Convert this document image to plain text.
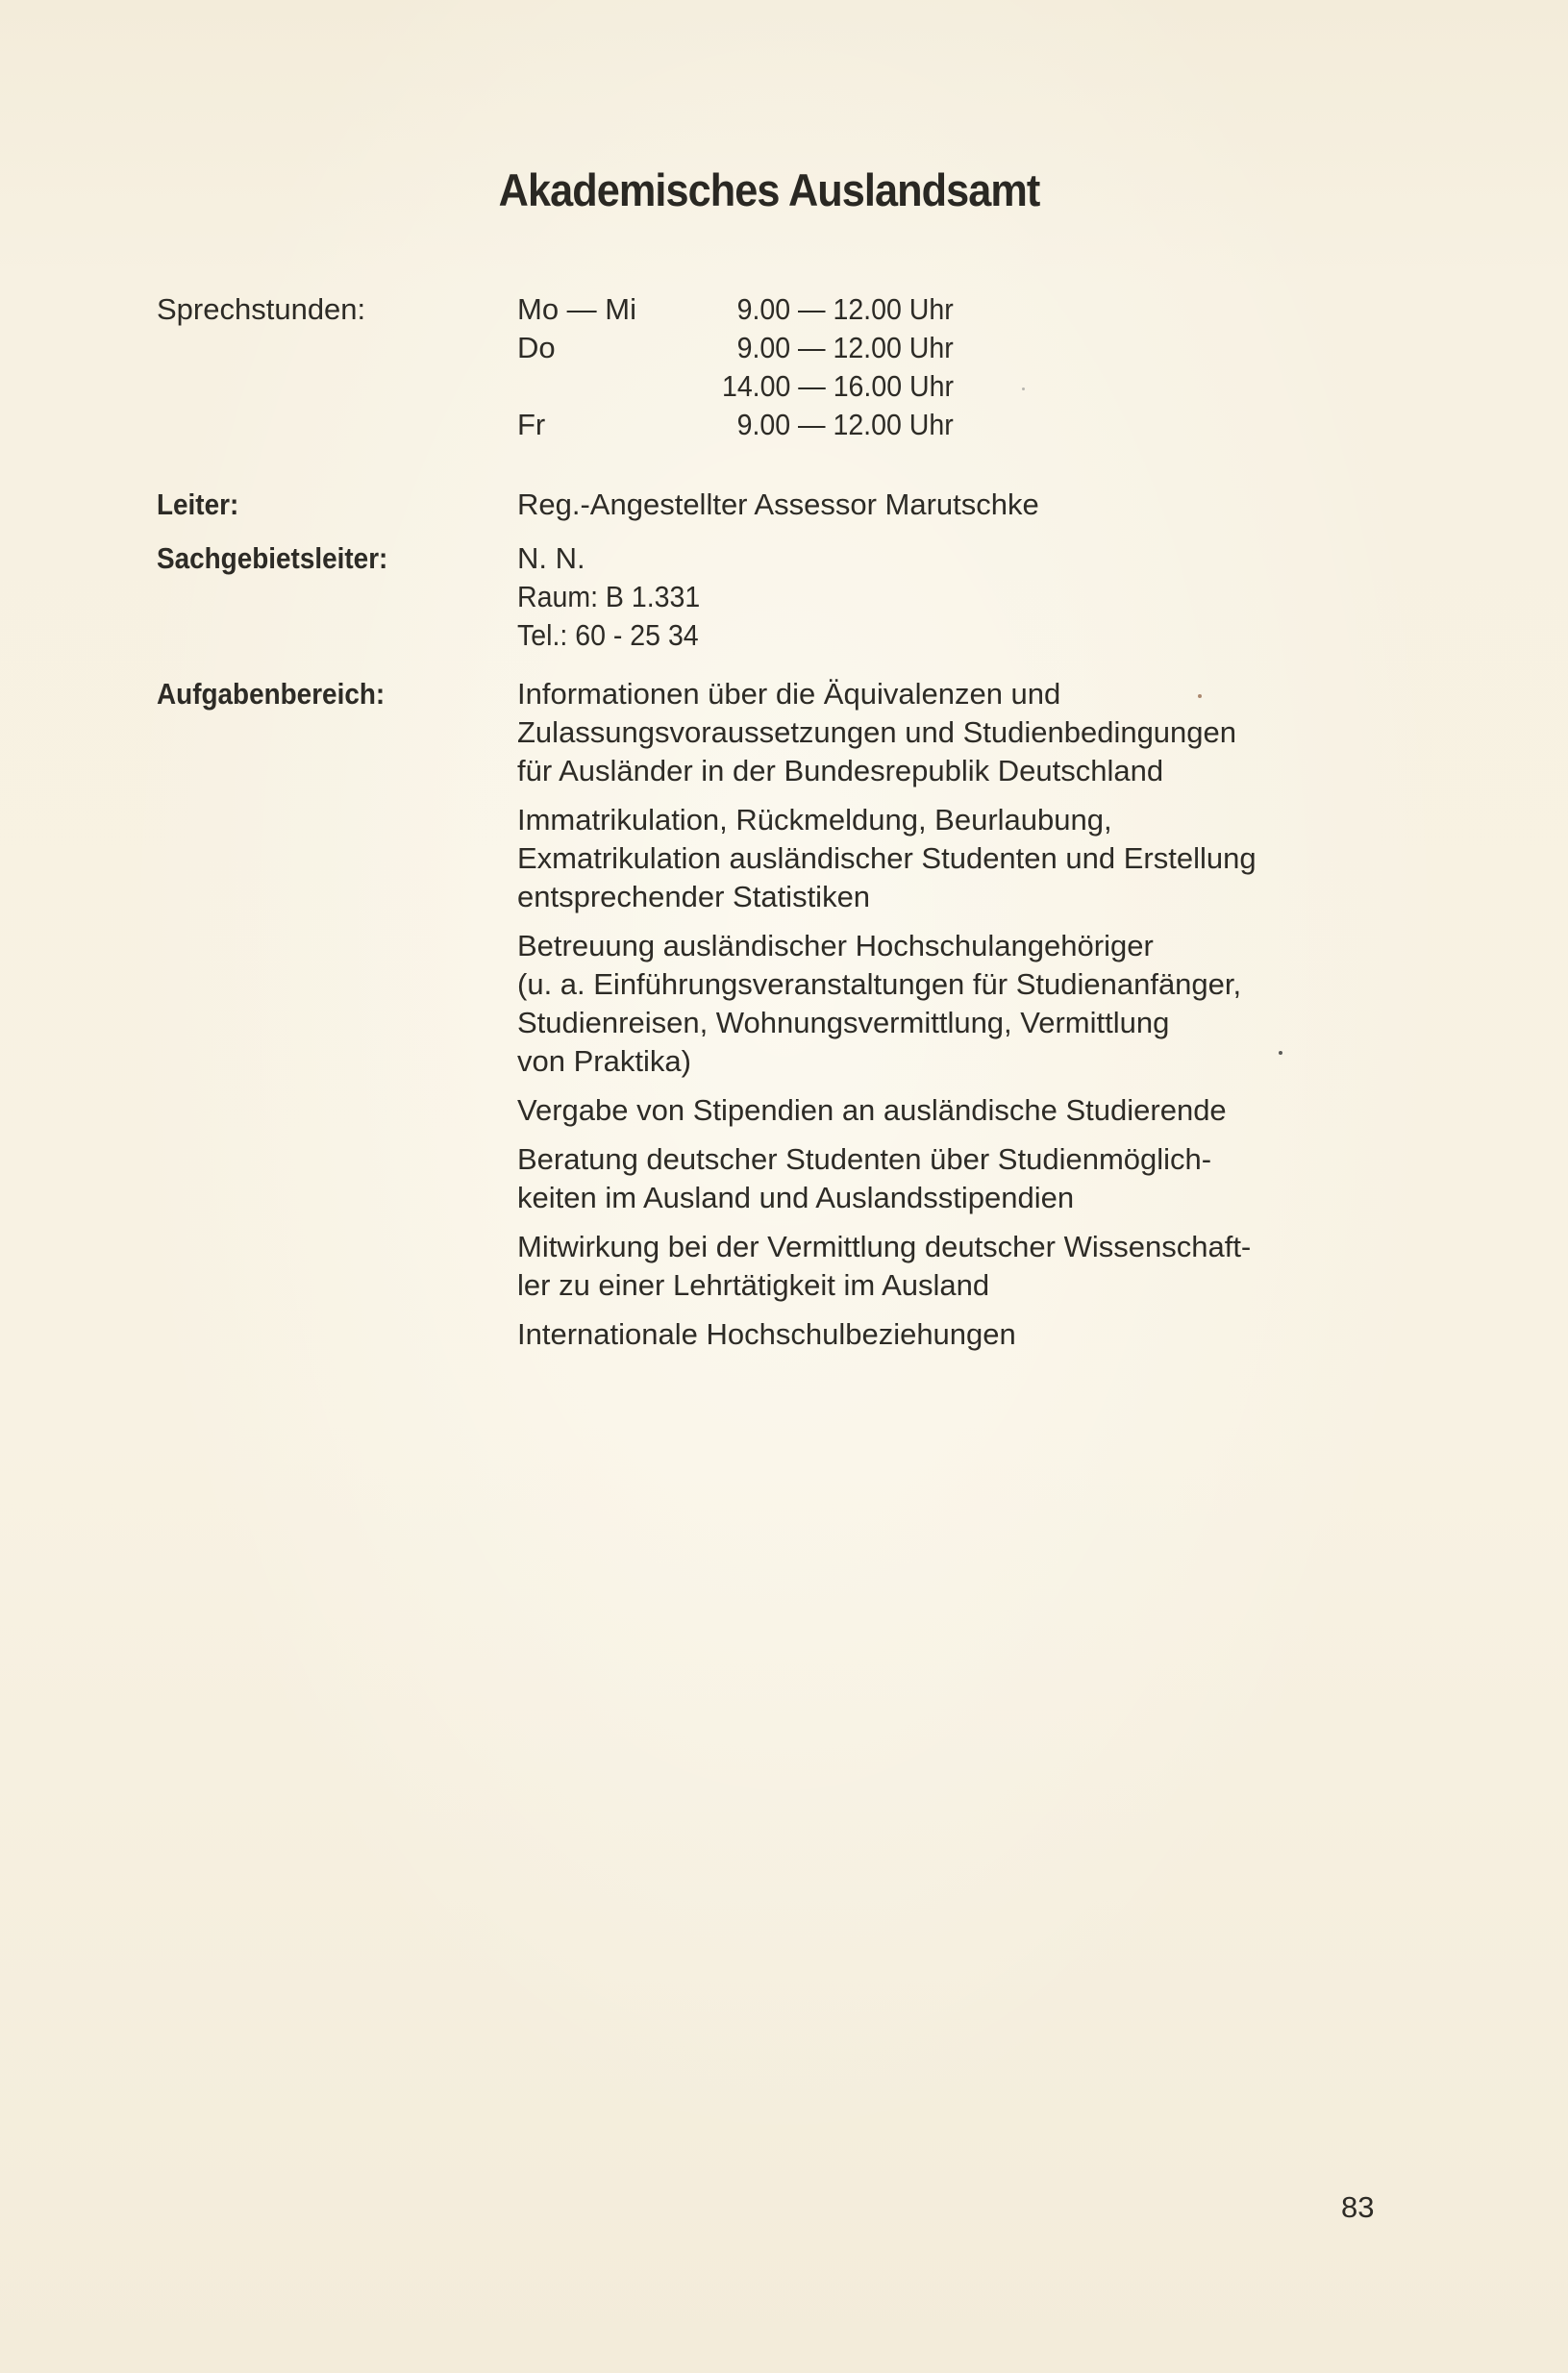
Akademisches Auslandsamt
Sprechstunden:	Mo — Mi	9.00 — 12.00 Uhr
Do	9.00 — 12.00 Uhr
14.00 — 16.00 Uhr
Fr	9.00 — 12.00 Uhr
Leiter:	Reg.-Angestellter Assessor Marutschke
Sachgebietsleiter:	N. N.
Raum: B 1.331
Tel.: 60 - 25 34
Aufgabenbereich:	Informationen über die Äquivalenzen und
Zulassungsvoraussetzungen und Studienbedingungen
für Ausländer in der Bundesrepublik Deutschland
Immatrikulation, Rückmeldung, Beurlaubung,
Exmatrikulation ausländischer Studenten und Erstellung
entsprechender Statistiken
Betreuung ausländischer Hochschulangehöriger
(u. a. Einführungsveranstaltungen für Studienanfänger,
Studienreisen, Wohnungsvermittlung, Vermittlung
von Praktika)
Vergabe von Stipendien an ausländische Studierende
Beratung deutscher Studenten über Studienmöglich-
keiten im Ausland und Auslandsstipendien
Mitwirkung bei der Vermittlung deutscher Wissenschaft-
ler zu einer Lehrtätigkeit im Ausland
Internationale Hochschulbeziehungen
83
